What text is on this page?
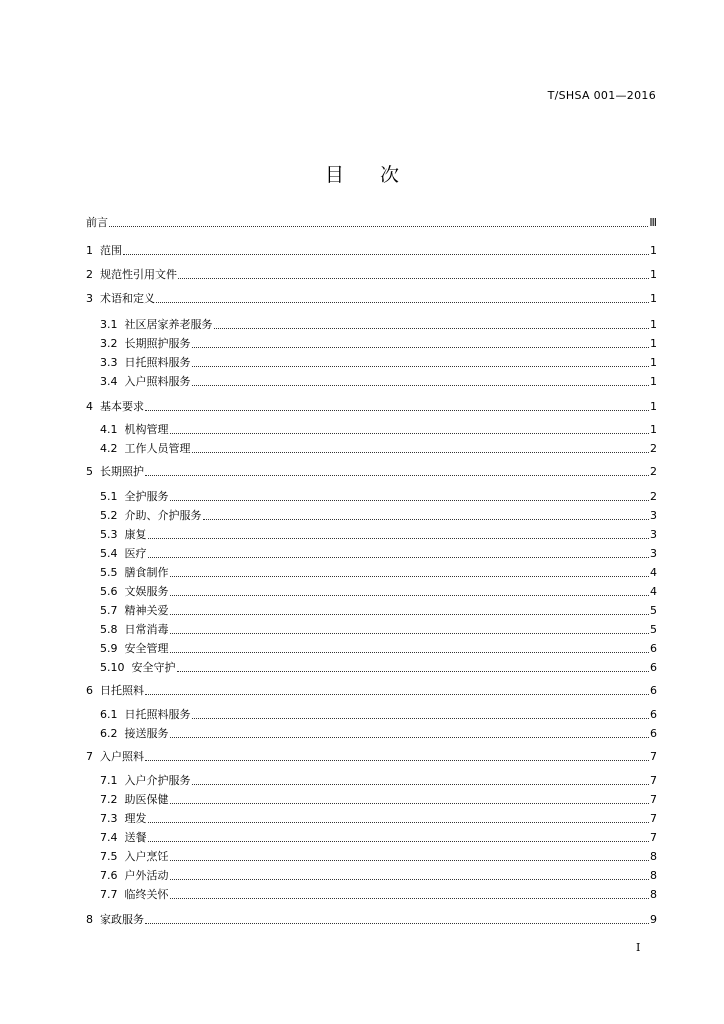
T/SHSA 001—2016
目 次
前言	Ⅲ
1 范围	1
2 规范性引用文件	1
3 术语和定义	1
3.1 社区居家养老服务	1
3.2 长期照护服务	1
3.3 日托照料服务	1
3.4 入户照料服务	1
4 基本要求	1
4.1 机构管理	1
4.2 工作人员管理	2
5 长期照护	2
5.1 全护服务	2
5.2 介助、介护服务	3
5.3 康复	3
5.4 医疗	3
5.5 膳食制作	4
5.6 文娱服务	4
5.7 精神关爱	5
5.8 日常消毒	5
5.9 安全管理	6
5.10 安全守护	6
6 日托照料	6
6.1 日托照料服务	6
6.2 接送服务	6
7 入户照料	7
7.1 入户介护服务	7
7.2 助医保健	7
7.3 理发	7
7.4 送餐	7
7.5 入户烹饪	8
7.6 户外活动	8
7.7 临终关怀	8
8 家政服务	9
I
